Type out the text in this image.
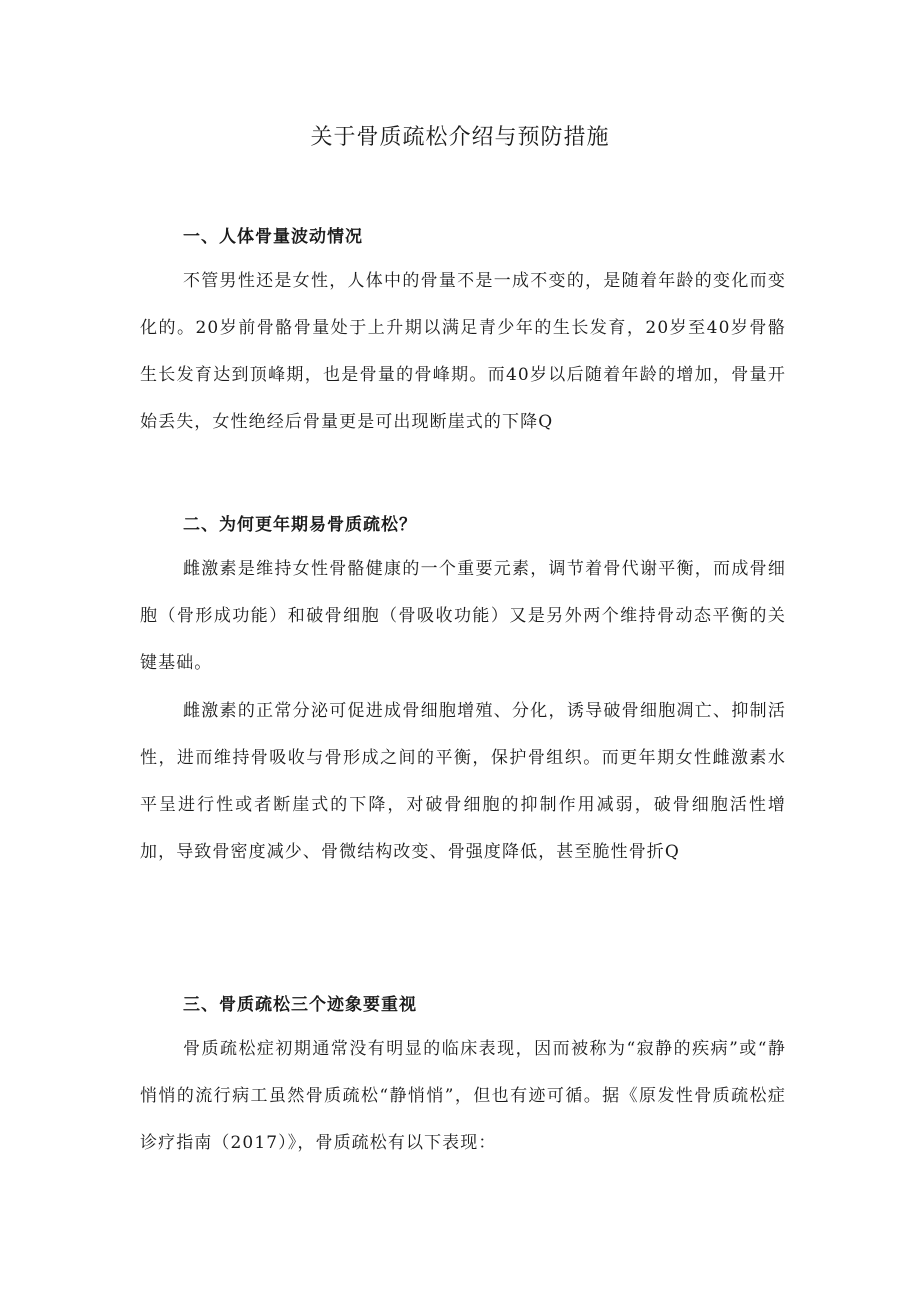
关于骨质疏松介绍与预防措施
一、人体骨量波动情况

不管男性还是女性，人体中的骨量不是一成不变的，是随着年龄的变化而变化的。20岁前骨骼骨量处于上升期以满足青少年的生长发育，20岁至40岁骨骼生长发育达到顶峰期，也是骨量的骨峰期。而40岁以后随着年龄的增加，骨量开始丢失，女性绝经后骨量更是可出现断崖式的下降Q

二、为何更年期易骨质疏松？

雌激素是维持女性骨骼健康的一个重要元素，调节着骨代谢平衡，而成骨细胞（骨形成功能）和破骨细胞（骨吸收功能）又是另外两个维持骨动态平衡的关键基础。

雌激素的正常分泌可促进成骨细胞增殖、分化，诱导破骨细胞凋亡、抑制活性，进而维持骨吸收与骨形成之间的平衡，保护骨组织。而更年期女性雌激素水平呈进行性或者断崖式的下降，对破骨细胞的抑制作用减弱，破骨细胞活性增加，导致骨密度减少、骨微结构改变、骨强度降低，甚至脆性骨折Q

三、骨质疏松三个迹象要重视

骨质疏松症初期通常没有明显的临床表现，因而被称为“寂静的疾病”或“静悄悄的流行病工虽然骨质疏松“静悄悄”，但也有迹可循。据《原发性骨质疏松症诊疗指南（2017）》，骨质疏松有以下表现：
